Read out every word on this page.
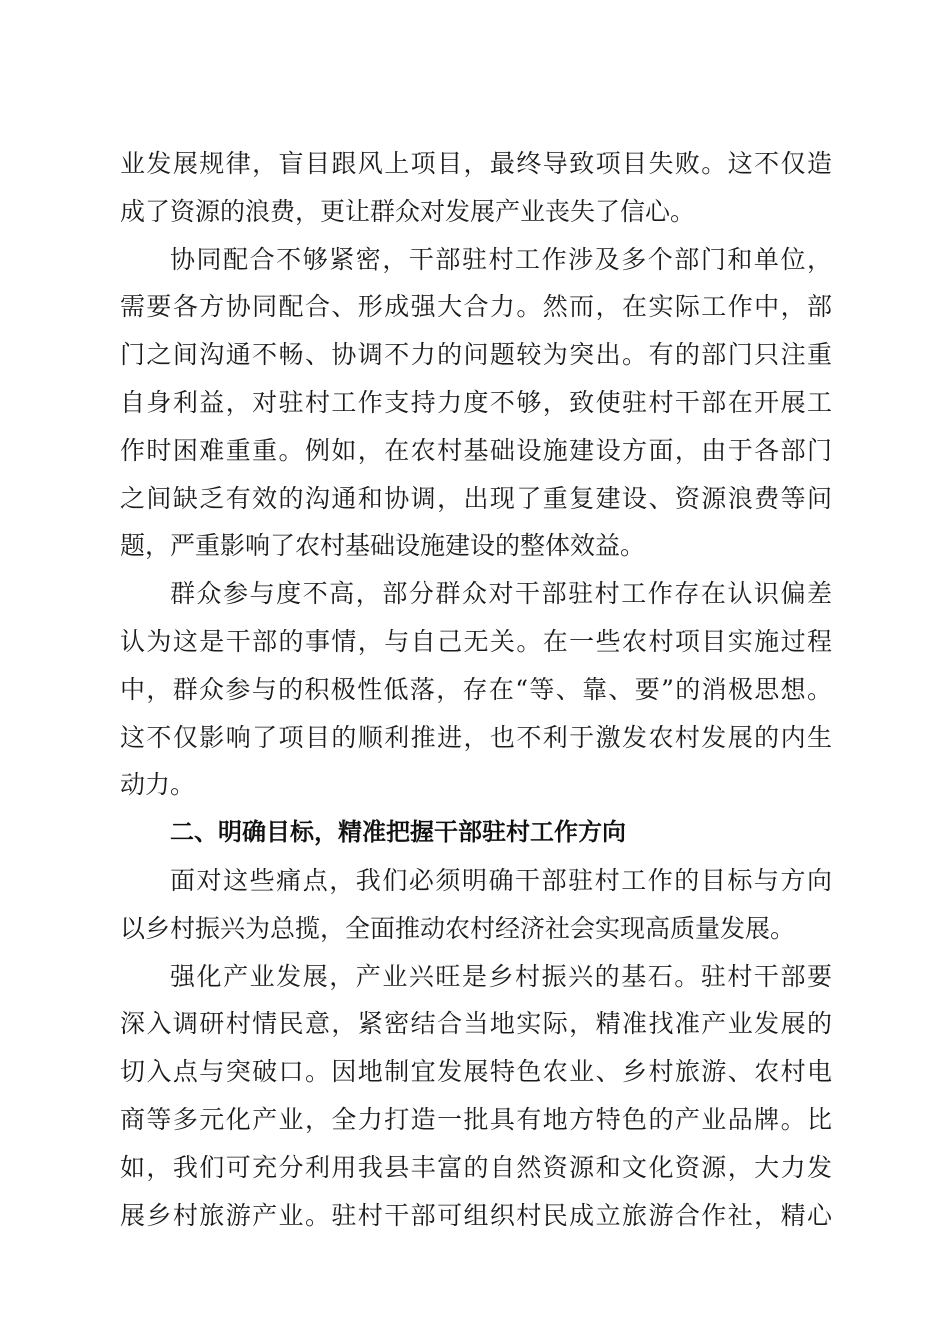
业发展规律，盲目跟风上项目，最终导致项目失败。这不仅造
成了资源的浪费，更让群众对发展产业丧失了信心。
协同配合不够紧密，干部驻村工作涉及多个部门和单位，
需要各方协同配合、形成强大合力。然而，在实际工作中，部
门之间沟通不畅、协调不力的问题较为突出。有的部门只注重
自身利益，对驻村工作支持力度不够，致使驻村干部在开展工
作时困难重重。例如，在农村基础设施建设方面，由于各部门
之间缺乏有效的沟通和协调，出现了重复建设、资源浪费等问
题，严重影响了农村基础设施建设的整体效益。
群众参与度不高，部分群众对干部驻村工作存在认识偏差
认为这是干部的事情，与自己无关。在一些农村项目实施过程
中，群众参与的积极性低落，存在“等、靠、要”的消极思想。
这不仅影响了项目的顺利推进，也不利于激发农村发展的内生
动力。
二、明确目标，精准把握干部驻村工作方向
面对这些痛点，我们必须明确干部驻村工作的目标与方向
以乡村振兴为总揽，全面推动农村经济社会实现高质量发展。
强化产业发展，产业兴旺是乡村振兴的基石。驻村干部要
深入调研村情民意，紧密结合当地实际，精准找准产业发展的
切入点与突破口。因地制宜发展特色农业、乡村旅游、农村电
商等多元化产业，全力打造一批具有地方特色的产业品牌。比
如，我们可充分利用我县丰富的自然资源和文化资源，大力发
展乡村旅游产业。驻村干部可组织村民成立旅游合作社，精心
